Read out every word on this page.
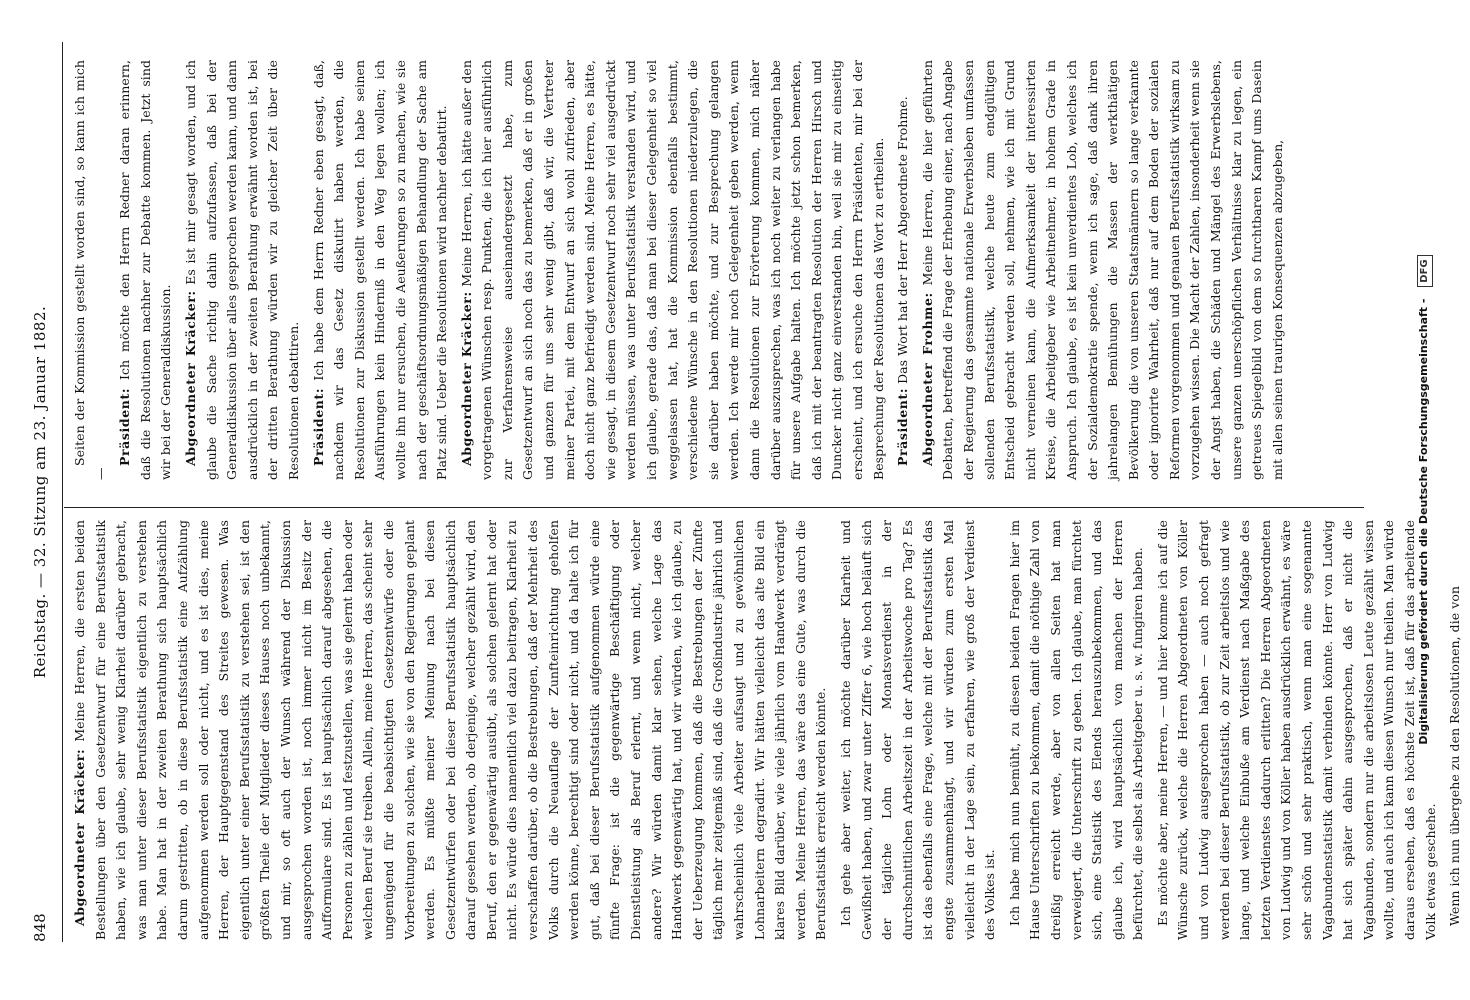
848
Reichstag. — 32. Sitzung am 23. Januar 1882.

Abgeordneter Kräcker: Meine Herren, die ersten beiden Bestellungen über den Gesetzentwurf für eine Berufsstatistik haben, wie ich glaube, sehr wenig Klarheit darüber gebracht, was man unter dieser Berufsstatistik eigentlich zu verstehen habe. Man hat in der zweiten Berathung sich hauptsächlich darum gestritten, ob in diese Berufsstatistik eine Aufzählung aufgenommen werden soll oder nicht, und es ist dies, meine Herren, der Hauptgegenstand des Streites gewesen. Was eigentlich unter einer Berufsstatistik zu verstehen sei, ist den größten Theile der Mitglieder dieses Hauses noch unbekannt, und mir, so oft auch der Wunsch während der Diskussion ausgesprochen worden ist, noch immer nicht im Besitz der Aufformulare sind. Es ist hauptsächlich darauf abgesehen, die Personen zu zählen und festzustellen, was sie gelernt haben oder welchen Beruf sie treiben. Allein, meine Herren, das scheint sehr ungenügend für die beabsichtigten Gesetzentwürfe oder die Vorbereitungen zu solchen, wie sie von den Regierungen geplant werden. Es müßte meiner Meinung nach bei diesen Gesetzentwürfen oder bei dieser Berufsstatistik hauptsächlich darauf gesehen werden, ob derjenige, welcher gezählt wird, den Beruf, den er gegenwärtig ausübt, als solchen gelernt hat oder nicht. Es würde dies namentlich viel dazu beitragen, Klarheit zu verschaffen darüber, ob die Bestrebungen, daß der Mehrheit des Volks durch die Neuauflage der Zunfteinrichtung geholfen werden könne, berechtigt sind oder nicht, und da halte ich für gut, daß bei dieser Berufsstatistik aufgenommen würde eine fünfte Frage: ist die gegenwärtige Beschäftigung oder Dienstleistung als Beruf erlernt, und wenn nicht, welcher andere? Wir würden damit klar sehen, welche Lage das Handwerk gegenwärtig hat, und wir würden, wie ich glaube, zu der Ueberzeugung kommen, daß die Bestrebungen der Zünfte täglich mehr zeitgemäß sind, daß die Großindustrie jährlich und wahrscheinlich viele Arbeiter aufsaugt und zu gewöhnlichen Lohnarbeitern degradirt. Wir hätten vielleicht das alte Bild ein klares Bild darüber, wie viele jährlich vom Handwerk verdrängt werden. Meine Herren, das wäre das eine Gute, was durch die Berufsstatistik erreicht werden könnte. Ich gehe aber weiter, ich möchte darüber Klarheit und Gewißheit haben, und zwar unter Ziffer 6, wie hoch beläuft sich der tägliche Lohn oder Monatsverdienst in der durchschnittlichen Arbeitszeit in der Arbeitswoche pro Tag? Es ist das ebenfalls eine Frage, welche mit der Berufsstatistik das engste zusammenhängt, und wir würden zum ersten Mal vielleicht in der Lage sein, zu erfahren, wie groß der Verdienst des Volkes ist. Ich habe mich nun bemüht, zu diesen beiden Fragen hier im Hause Unterschriften zu bekommen, damit die nöthige Zahl von dreißig erreicht werde, aber von allen Seiten hat man verweigert, die Unterschrift zu geben. Ich glaube, man fürchtet sich, eine Statistik des Elends herauszubekommen, und das glaube ich, wird hauptsächlich von manchen der Herren befürchtet, die selbst als Arbeitgeber u. s. w. fungiren haben. Es möchte aber, meine Herren, — und hier komme ich auf die Wünsche zurück, welche die Herren Abgeordneten von Köller und von Ludwig ausgesprochen haben — auch noch gefragt werden bei dieser Berufsstatistik, ob zur Zeit arbeitslos und wie lange, und welche Einbuße am Verdienst nach Maßgabe des letzten Verdienstes dadurch erlitten? Die Herren Abgeordneten von Ludwig und von Köller haben ausdrücklich erwähnt, es wäre sehr schön und sehr praktisch, wenn man eine sogenannte Vagabundenstatistik damit verbinden könnte. Herr von Ludwig hat sich später dahin ausgesprochen, daß er nicht die Vagabunden, sondern nur die arbeitslosen Leute gezählt wissen wollte, und auch ich kann diesen Wunsch nur theilen. Man würde daraus ersehen, daß es höchste Zeit ist, daß für das arbeitende Volk etwas geschehe. Wenn ich nun übergehe zu den Resolutionen, die von

Seiten der Kommission gestellt worden sind, so kann ich mich —

Präsident: Ich möchte den Herrn Redner daran erinnern, daß die Resolutionen nachher zur Debatte kommen. Jetzt sind wir bei der Generaldiskussion. Abgeordneter Kräcker: Es ist mir gesagt worden, und ich glaube die Sache richtig dahin aufzufassen, daß bei der Generaldiskussion über alles gesprochen werden kann, und dann ausdrücklich in der zweiten Berathung erwähnt worden ist, bei der dritten Berathung würden wir zu gleicher Zeit über die Resolutionen debattiren. Präsident: Ich habe dem Herrn Redner eben gesagt, daß, nachdem wir das Gesetz diskutirt haben werden, die Resolutionen zur Diskussion gestellt werden. Ich habe seinen Ausführungen kein Hinderniß in den Weg legen wollen; ich wollte ihn nur ersuchen, die Aeußerungen so zu machen, wie sie nach der geschäftsordnungsmäßigen Behandlung der Sache am Platz sind. Ueber die Resolutionen wird nachher debattirt. Abgeordneter Kräcker: Meine Herren, ich hätte außer den vorgetragenen Wünschen resp. Punkten, die ich hier ausführlich zur Verfahrensweise auseinandergesetzt habe, zum Gesetzentwurf an sich noch das zu bemerken, daß er in großen und ganzen für uns sehr wenig gibt, daß wir, die Vertreter meiner Partei, mit dem Entwurf an sich wohl zufrieden, aber doch nicht ganz befriedigt werden sind. Meine Herren, es hätte, wie gesagt, in diesem Gesetzentwurf noch sehr viel ausgedrückt werden müssen, was unter Berufsstatistik verstanden wird, und ich glaube, gerade das, daß man bei dieser Gelegenheit so viel weggelassen hat, hat die Kommission ebenfalls bestimmt, verschiedene Wünsche in den Resolutionen niederzulegen, die sie darüber haben möchte, und zur Besprechung gelangen werden. Ich werde mir noch Gelegenheit geben werden, wenn dann die Resolutionen zur Erörterung kommen, mich näher darüber auszusprechen, was ich noch weiter zu verlangen habe für unsere Aufgabe halten. Ich möchte jetzt schon bemerken, daß ich mit der beantragten Resolution der Herren Hirsch und Duncker nicht ganz einverstanden bin, weil sie mir zu einseitig erscheint, und ich ersuche den Herrn Präsidenten, mir bei der Besprechung der Resolutionen das Wort zu ertheilen. Präsident: Das Wort hat der Herr Abgeordnete Frohme. Abgeordneter Frohme: Meine Herren, die hier geführten Debatten, betreffend die Frage der Erhebung einer, nach Angabe der Regierung das gesammte nationale Erwerbsleben umfassen sollenden Berufsstatistik, welche heute zum endgültigen Entscheid gebracht werden soll, nehmen, wie ich mit Grund nicht verneinen kann, die Aufmerksamkeit der interessirten Kreise, die Arbeitgeber wie Arbeitnehmer, in hohem Grade in Anspruch. Ich glaube, es ist kein unverdientes Lob, welches ich der Sozialdemokratie spende, wenn ich sage, daß dank ihren jahrelangen Bemühungen die Massen der werkthätigen Bevölkerung die von unseren Staatsmännern so lange verkannte oder ignorirte Wahrheit, daß nur auf dem Boden der sozialen Reformen vorgenommen und genauen Berufsstatistik wirksam zu vorzugehen wissen. Die Macht der Zahlen, insonderheit wenn sie der Angst haben, die Schäden und Mängel des Erwerbslebens, unsere ganzen unerschöpflichen Verhältnisse klar zu legen, ein getreues Spiegelbild von dem so furchtbaren Kampf ums Dasein mit allen seinen traurigen Konsequenzen abzugeben,	Digitalisierung gefördert durch die Deutsche Forschungsgemeinschaft - DFG
